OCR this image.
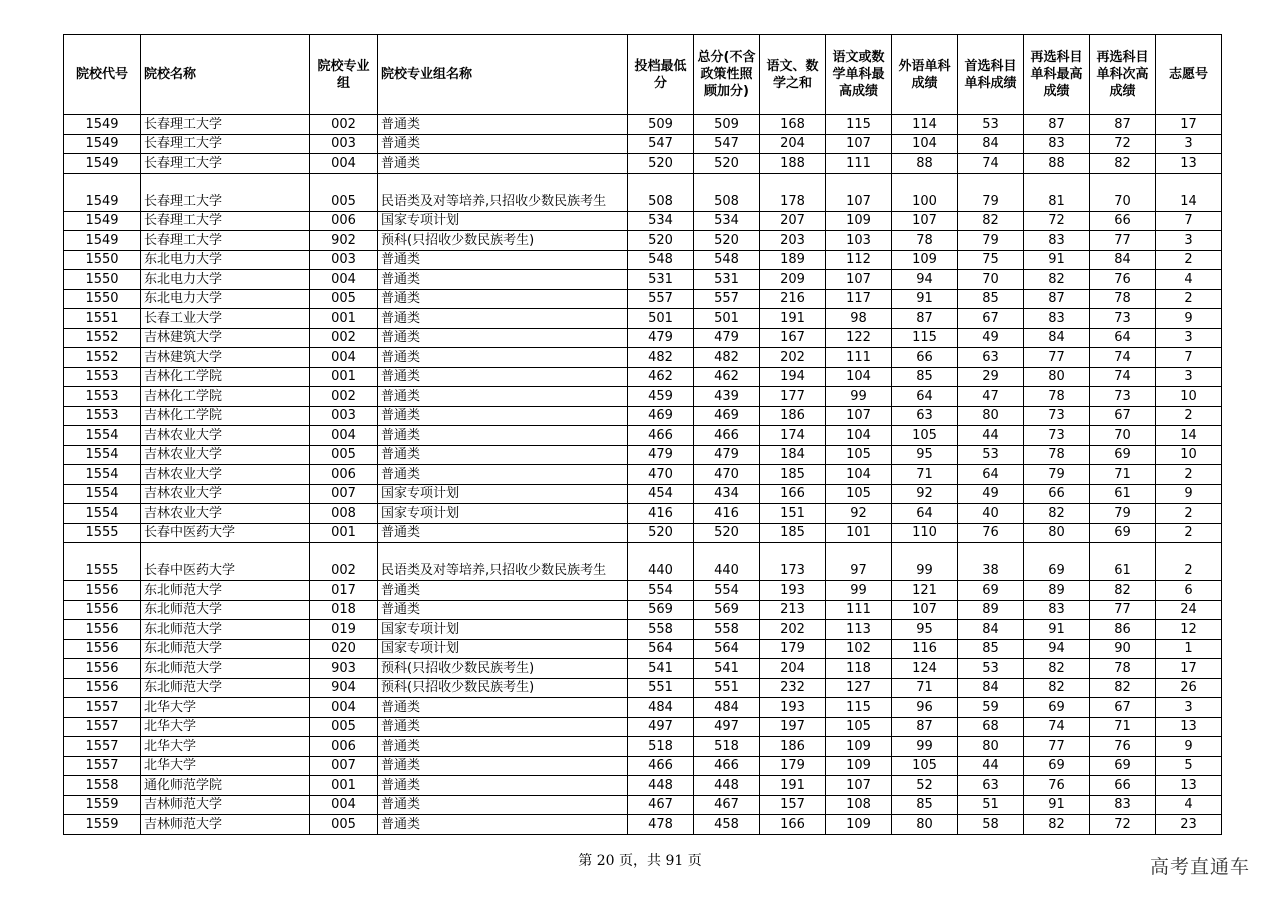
院校代号	院校名称	院校专业组	院校专业组名称	投档最低分	总分(不含政策性照顾加分)	语文、数学之和	语文或数学单科最高成绩	外语单科成绩	首选科目单科成绩	再选科目单科最高成绩	再选科目单科次高成绩	志愿号
1549	长春理工大学	002	普通类	509	509	168	115	114	53	87	87	17
1549	长春理工大学	003	普通类	547	547	204	107	104	84	83	72	3
1549	长春理工大学	004	普通类	520	520	188	111	88	74	88	82	13
1549	长春理工大学	005	民语类及对等培养,只招收少数民族考生	508	508	178	107	100	79	81	70	14
1549	长春理工大学	006	国家专项计划	534	534	207	109	107	82	72	66	7
1549	长春理工大学	902	预科(只招收少数民族考生)	520	520	203	103	78	79	83	77	3
1550	东北电力大学	003	普通类	548	548	189	112	109	75	91	84	2
1550	东北电力大学	004	普通类	531	531	209	107	94	70	82	76	4
1550	东北电力大学	005	普通类	557	557	216	117	91	85	87	78	2
1551	长春工业大学	001	普通类	501	501	191	98	87	67	83	73	9
1552	吉林建筑大学	002	普通类	479	479	167	122	115	49	84	64	3
1552	吉林建筑大学	004	普通类	482	482	202	111	66	63	77	74	7
1553	吉林化工学院	001	普通类	462	462	194	104	85	29	80	74	3
1553	吉林化工学院	002	普通类	459	439	177	99	64	47	78	73	10
1553	吉林化工学院	003	普通类	469	469	186	107	63	80	73	67	2
1554	吉林农业大学	004	普通类	466	466	174	104	105	44	73	70	14
1554	吉林农业大学	005	普通类	479	479	184	105	95	53	78	69	10
1554	吉林农业大学	006	普通类	470	470	185	104	71	64	79	71	2
1554	吉林农业大学	007	国家专项计划	454	434	166	105	92	49	66	61	9
1554	吉林农业大学	008	国家专项计划	416	416	151	92	64	40	82	79	2
1555	长春中医药大学	001	普通类	520	520	185	101	110	76	80	69	2
1555	长春中医药大学	002	民语类及对等培养,只招收少数民族考生	440	440	173	97	99	38	69	61	2
1556	东北师范大学	017	普通类	554	554	193	99	121	69	89	82	6
1556	东北师范大学	018	普通类	569	569	213	111	107	89	83	77	24
1556	东北师范大学	019	国家专项计划	558	558	202	113	95	84	91	86	12
1556	东北师范大学	020	国家专项计划	564	564	179	102	116	85	94	90	1
1556	东北师范大学	903	预科(只招收少数民族考生)	541	541	204	118	124	53	82	78	17
1556	东北师范大学	904	预科(只招收少数民族考生)	551	551	232	127	71	84	82	82	26
1557	北华大学	004	普通类	484	484	193	115	96	59	69	67	3
1557	北华大学	005	普通类	497	497	197	105	87	68	74	71	13
1557	北华大学	006	普通类	518	518	186	109	99	80	77	76	9
1557	北华大学	007	普通类	466	466	179	109	105	44	69	69	5
1558	通化师范学院	001	普通类	448	448	191	107	52	63	76	66	13
1559	吉林师范大学	004	普通类	467	467	157	108	85	51	91	83	4
1559	吉林师范大学	005	普通类	478	458	166	109	80	58	82	72	23
第 20 页，共 91 页	高考直通车
